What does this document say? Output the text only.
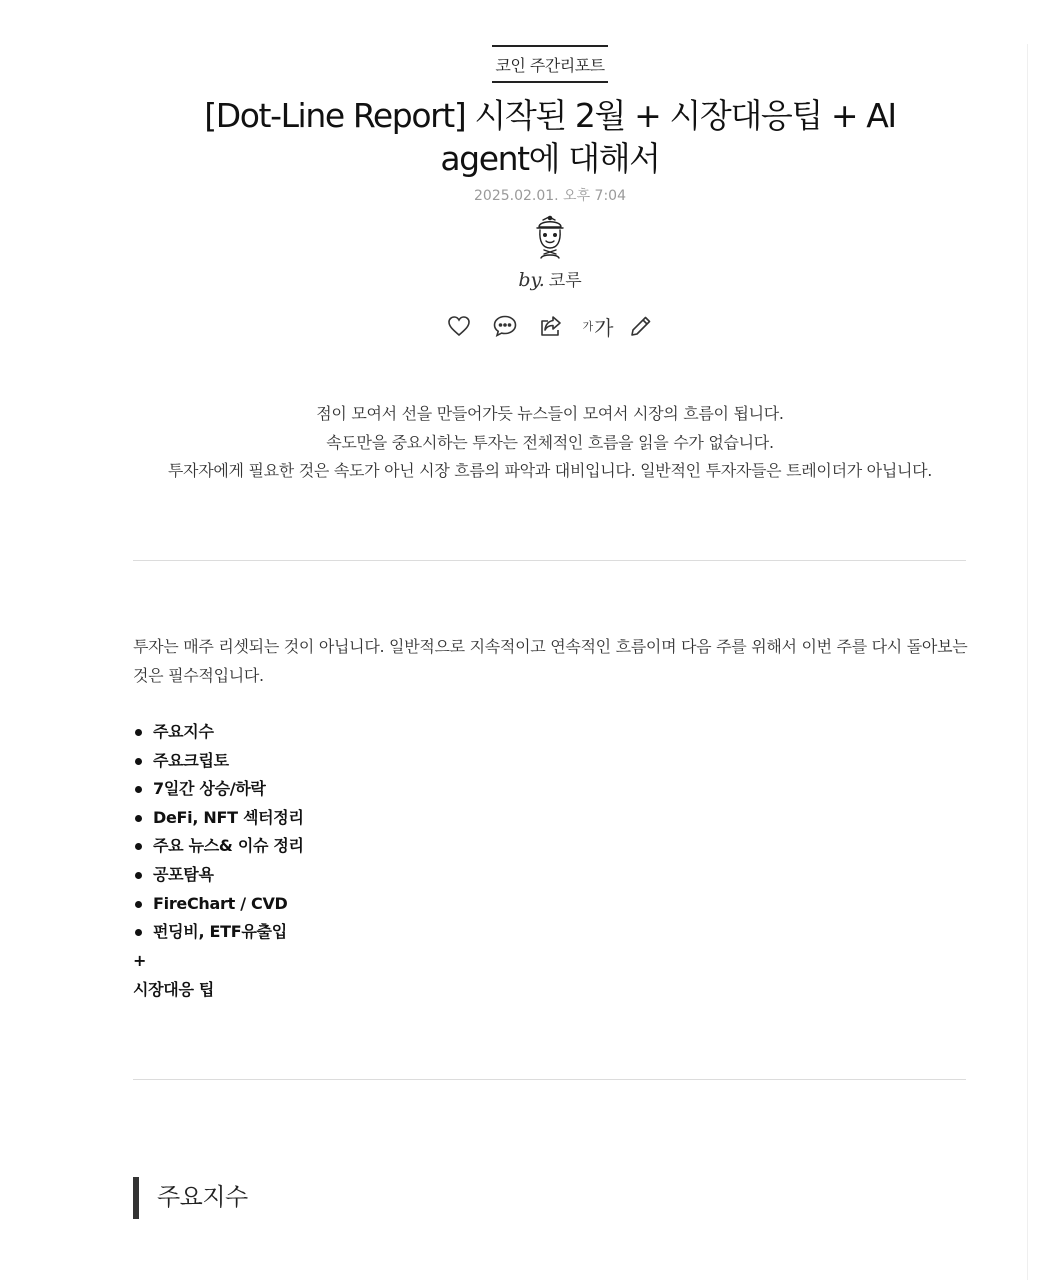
코인 주간리포트
[Dot-Line Report] 시작된 2월 + 시장대응팁 + AI agent에 대해서
2025.02.01. 오후 7:04
by. 코루
가 가

점이 모여서 선을 만들어가듯 뉴스들이 모여서 시장의 흐름이 됩니다.

속도만을 중요시하는 투자는 전체적인 흐름을 읽을 수가 없습니다.

투자자에게 필요한 것은 속도가 아닌 시장 흐름의 파악과 대비입니다. 일반적인 투자자들은 트레이더가 아닙니다.

투자는 매주 리셋되는 것이 아닙니다. 일반적으로 지속적이고 연속적인 흐름이며 다음 주를 위해서 이번 주를 다시 돌아보는 것은 필수적입니다.

주요지수
주요크립토
7일간 상승/하락
DeFi, NFT 섹터정리
주요 뉴스& 이슈 정리
공포탐욕
FireChart / CVD
펀딩비, ETF유출입
+
시장대응 팁
주요지수
